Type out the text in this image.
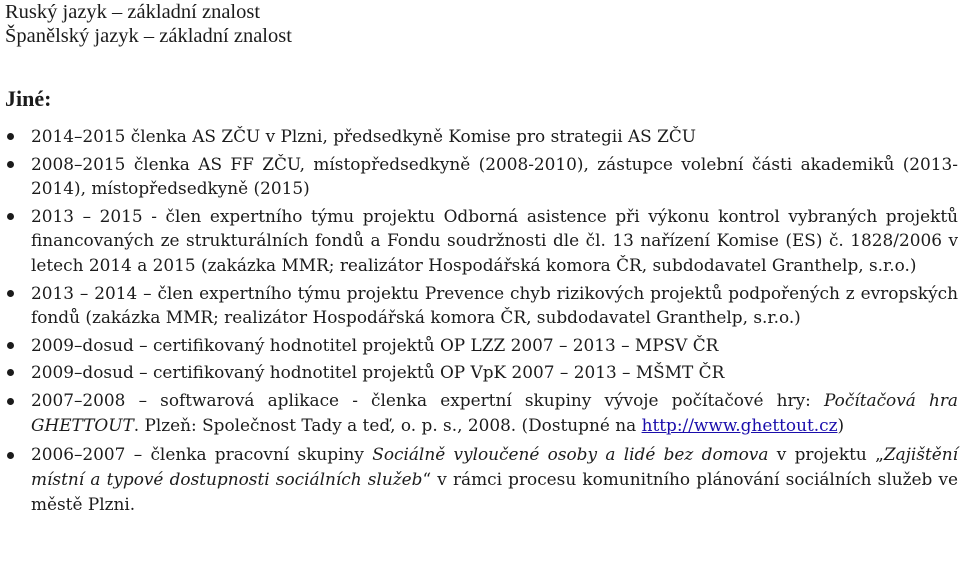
Ruský jazyk – základní znalost
Španělský jazyk – základní znalost
Jiné:
2014–2015 členka AS ZČU v Plzni, předsedkyně Komise pro strategii AS ZČU
2008–2015 členka AS FF ZČU, místopředsedkyně (2008-2010), zástupce volební části akademiků (2013-2014), místopředsedkyně (2015)
2013 – 2015 - člen expertního týmu projektu Odborná asistence při výkonu kontrol vybraných projektů financovaných ze strukturálních fondů a Fondu soudržnosti dle čl. 13 nařízení Komise (ES) č. 1828/2006 v letech 2014 a 2015 (zakázka MMR; realizátor Hospodářská komora ČR, subdodavatel Granthelp, s.r.o.)
2013 – 2014 – člen expertního týmu projektu Prevence chyb rizikových projektů podpořených z evropských fondů (zakázka MMR; realizátor Hospodářská komora ČR, subdodavatel Granthelp, s.r.o.)
2009–dosud – certifikovaný hodnotitel projektů OP LZZ 2007 – 2013 – MPSV ČR
2009–dosud – certifikovaný hodnotitel projektů OP VpK 2007 – 2013 – MŠMT ČR
2007–2008 – softwarová aplikace - členka expertní skupiny vývoje počítačové hry: Počítačová hra GHETTOUT. Plzeň: Společnost Tady a teď, o. p. s., 2008. (Dostupné na http://www.ghettout.cz)
2006–2007 – členka pracovní skupiny Sociálně vyloučené osoby a lidé bez domova v projektu „Zajištění místní a typové dostupnosti sociálních služeb“ v rámci procesu komunitního plánování sociálních služeb ve městě Plzni.
